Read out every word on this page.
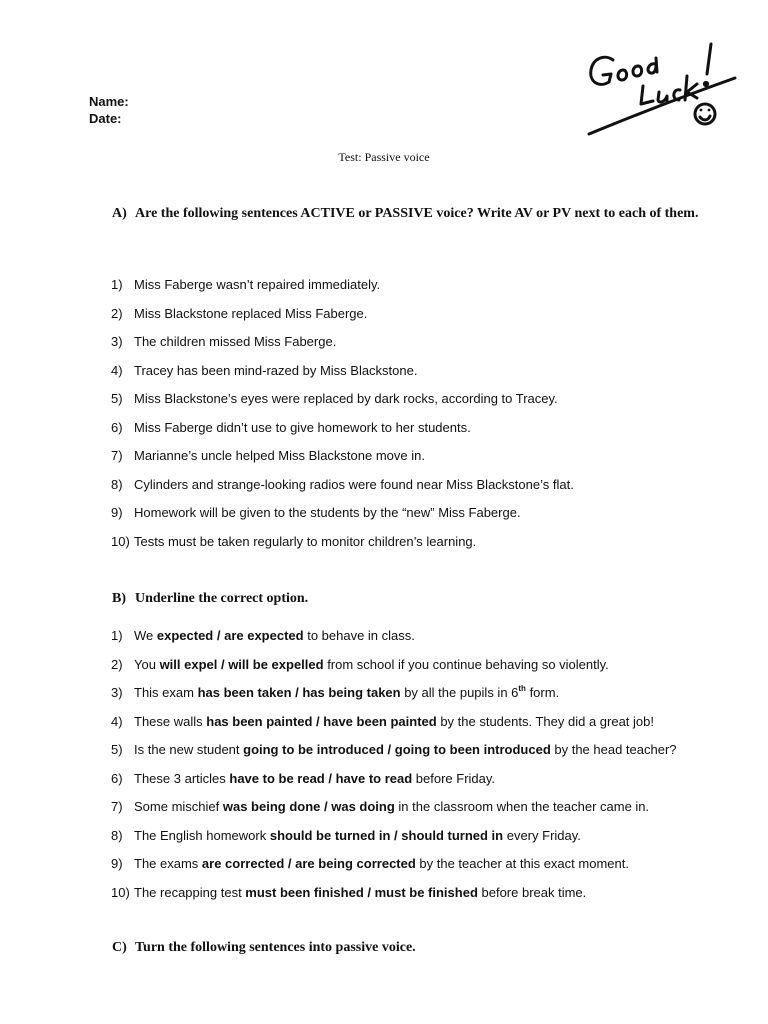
Name:
Date:
Test: Passive voice
A) Are the following sentences ACTIVE or PASSIVE voice? Write AV or PV next to each of them.
1) Miss Faberge wasn’t repaired immediately.
2) Miss Blackstone replaced Miss Faberge.
3) The children missed Miss Faberge.
4) Tracey has been mind-razed by Miss Blackstone.
5) Miss Blackstone’s eyes were replaced by dark rocks, according to Tracey.
6) Miss Faberge didn’t use to give homework to her students.
7) Marianne’s uncle helped Miss Blackstone move in.
8) Cylinders and strange-looking radios were found near Miss Blackstone’s flat.
9) Homework will be given to the students by the “new” Miss Faberge.
10) Tests must be taken regularly to monitor children’s learning.
B) Underline the correct option.
1) We expected / are expected to behave in class.
2) You will expel / will be expelled from school if you continue behaving so violently.
3) This exam has been taken / has being taken by all the pupils in 6th form.
4) These walls has been painted / have been painted by the students. They did a great job!
5) Is the new student going to be introduced / going to been introduced by the head teacher?
6) These 3 articles have to be read / have to read before Friday.
7) Some mischief was being done / was doing in the classroom when the teacher came in.
8) The English homework should be turned in / should turned in every Friday.
9) The exams are corrected / are being corrected by the teacher at this exact moment.
10) The recapping test must been finished / must be finished before break time.
C) Turn the following sentences into passive voice.
